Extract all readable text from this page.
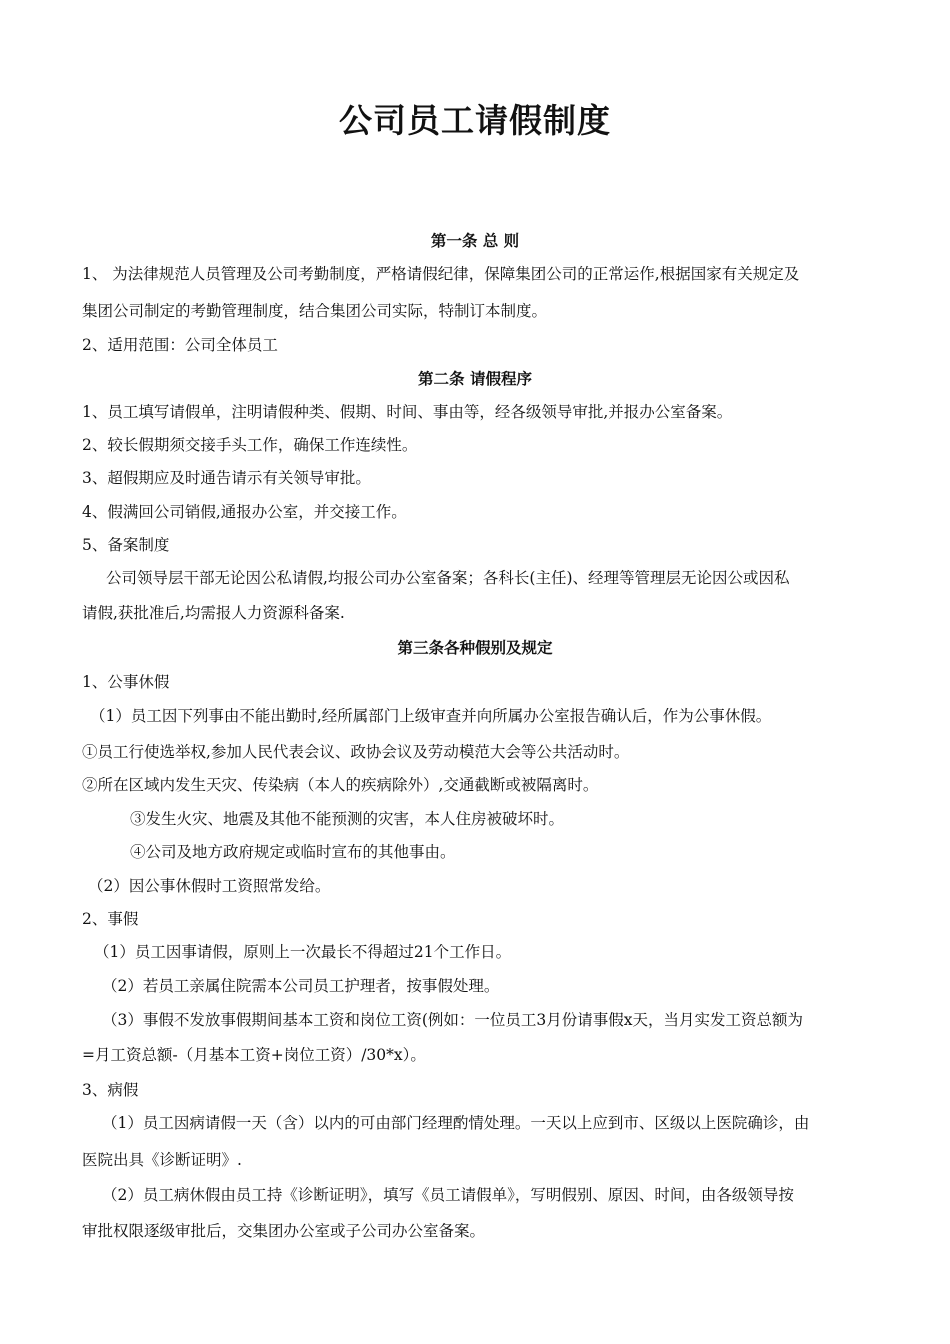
公司员工请假制度
第一条 总 则
1、 为法律规范人员管理及公司考勤制度，严格请假纪律，保障集团公司的正常运作,根据国家有关规定及
集团公司制定的考勤管理制度，结合集团公司实际，特制订本制度。
2、适用范围：公司全体员工
第二条 请假程序
1、员工填写请假单，注明请假种类、假期、时间、事由等，经各级领导审批,并报办公室备案。
2、较长假期须交接手头工作，确保工作连续性。
3、超假期应及时通告请示有关领导审批。
4、假满回公司销假,通报办公室，并交接工作。
5、备案制度
公司领导层干部无论因公私请假,均报公司办公室备案；各科长(主任)、经理等管理层无论因公或因私
请假,获批准后,均需报人力资源科备案.
第三条各种假别及规定
1、公事休假
（1）员工因下列事由不能出勤时,经所属部门上级审查并向所属办公室报告确认后，作为公事休假。
①员工行使选举权,参加人民代表会议、政协会议及劳动模范大会等公共活动时。
②所在区域内发生天灾、传染病（本人的疾病除外）,交通截断或被隔离时。
③发生火灾、地震及其他不能预测的灾害，本人住房被破坏时。
④公司及地方政府规定或临时宣布的其他事由。
（2）因公事休假时工资照常发给。
2、事假
（1）员工因事请假，原则上一次最长不得超过21个工作日。
（2）若员工亲属住院需本公司员工护理者，按事假处理。
（3）事假不发放事假期间基本工资和岗位工资(例如：一位员工3月份请事假x天，当月实发工资总额为
=月工资总额-（月基本工资+岗位工资）/30*x）。
3、病假
（1）员工因病请假一天（含）以内的可由部门经理酌情处理。一天以上应到市、区级以上医院确诊，由
医院出具《诊断证明》.
（2）员工病休假由员工持《诊断证明》，填写《员工请假单》，写明假别、原因、时间，由各级领导按
审批权限逐级审批后，交集团办公室或子公司办公室备案。
